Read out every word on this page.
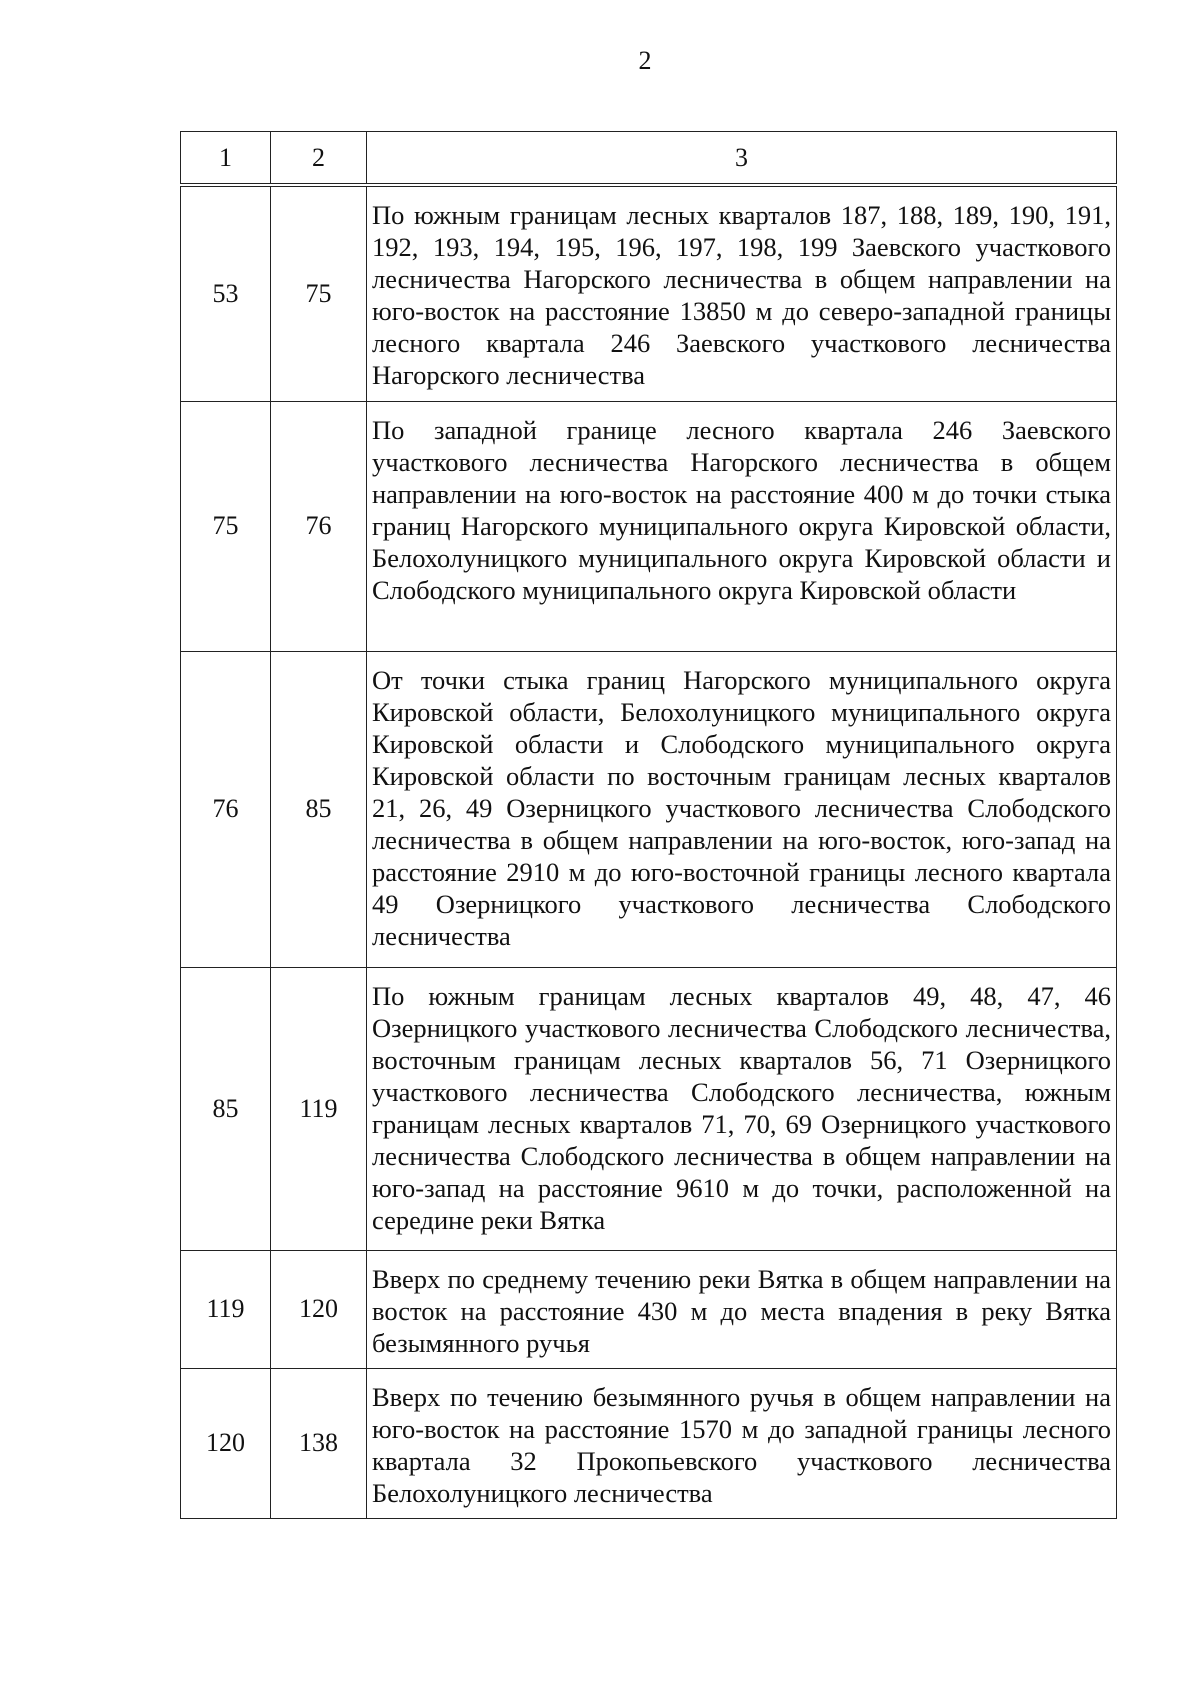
2
1	2	3
53	75	По южным границам лесных кварталов 187, 188, 189, 190, 191, 192, 193, 194, 195, 196, 197, 198, 199 Заевского участкового лесничества Нагорского лесничества в общем направлении на юго-восток на расстояние 13850 м до северо-западной границы лесного квартала 246 Заевского участкового лесничества Нагорского лесничества
75	76	По западной границе лесного квартала 246 Заевского участкового лесничества Нагорского лесничества в общем направлении на юго-восток на расстояние 400 м до точки стыка границ Нагорского муниципального округа Кировской области, Белохолуницкого муниципального округа Кировской области и Слободского муниципального округа Кировской области
76	85	От точки стыка границ Нагорского муниципального округа Кировской области, Белохолуницкого муниципального округа Кировской области и Слободского муниципального округа Кировской области по восточным границам лесных кварталов 21, 26, 49 Озерницкого участкового лесничества Слободского лесничества в общем направлении на юго-восток, юго-запад на расстояние 2910 м до юго-восточной границы лесного квартала 49 Озерницкого участкового лесничества Слободского лесничества
85	119	По южным границам лесных кварталов 49, 48, 47, 46 Озерницкого участкового лесничества Слободского лесничества, восточным границам лесных кварталов 56, 71 Озерницкого участкового лесничества Слободского лесничества, южным границам лесных кварталов 71, 70, 69 Озерницкого участкового лесничества Слободского лесничества в общем направлении на юго-запад на расстояние 9610 м до точки, расположенной на середине реки Вятка
119	120	Вверх по среднему течению реки Вятка в общем направлении на восток на расстояние 430 м до места впадения в реку Вятка безымянного ручья
120	138	Вверх по течению безымянного ручья в общем направлении на юго-восток на расстояние 1570 м до западной границы лесного квартала 32 Прокопьевского участкового лесничества Белохолуницкого лесничества
